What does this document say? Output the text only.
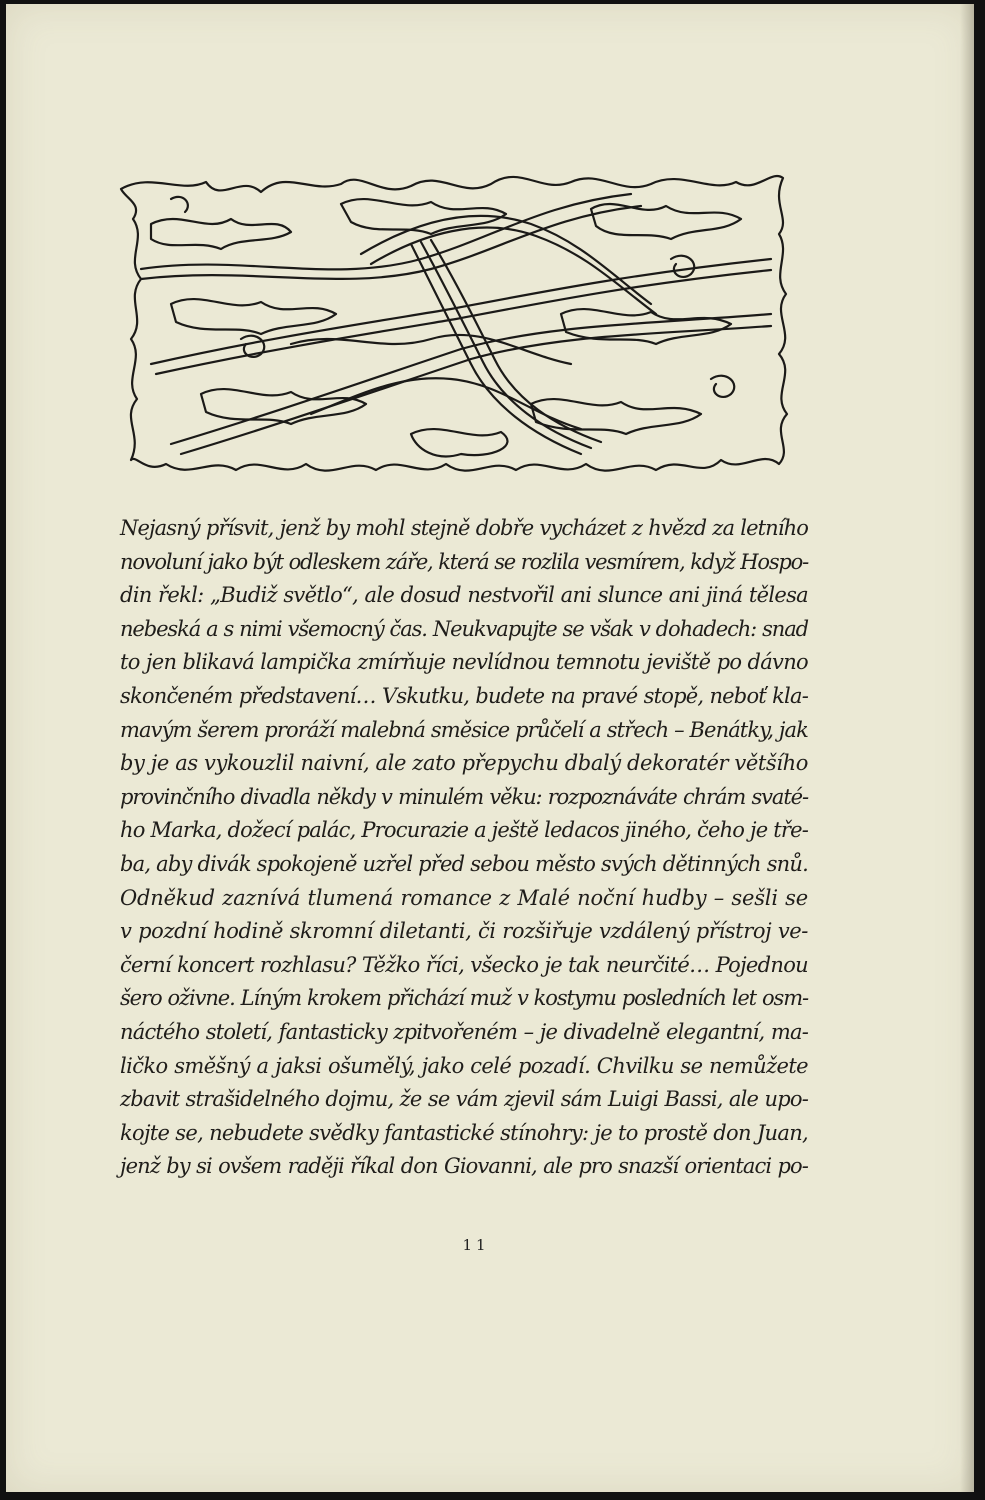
Nejasný přísvit, jenž by mohl stejně dobře vycházet z hvězd za letního
novoluní jako být odleskem záře, která se rozlila vesmírem, když Hospo-
din řekl: „Budiž světlo“, ale dosud nestvořil ani slunce ani jiná tělesa
nebeská a s nimi všemocný čas. Neukvapujte se však v dohadech: snad
to jen blikavá lampička zmírňuje nevlídnou temnotu jeviště po dávno
skončeném představení… Vskutku, budete na pravé stopě, neboť kla-
mavým šerem proráží malebná směsice průčelí a střech – Benátky, jak
by je as vykouzlil naivní, ale zato přepychu dbalý dekoratér většího
provinčního divadla někdy v minulém věku: rozpoznáváte chrám svaté-
ho Marka, dožecí palác, Procurazie a ještě ledacos jiného, čeho je tře-
ba, aby divák spokojeně uzřel před sebou město svých dětinných snů.
Odněkud zaznívá tlumená romance z Malé noční hudby – sešli se
v pozdní hodině skromní diletanti, či rozšiřuje vzdálený přístroj ve-
černí koncert rozhlasu? Těžko říci, všecko je tak neurčité… Pojednou
šero oživne. Líným krokem přichází muž v kostymu posledních let osm-
náctého století, fantasticky zpitvořeném – je divadelně elegantní, ma-
ličko směšný a jaksi ošumělý, jako celé pozadí. Chvilku se nemůžete
zbavit strašidelného dojmu, že se vám zjevil sám Luigi Bassi, ale upo-
kojte se, nebudete svědky fantastické stínohry: je to prostě don Juan,
jenž by si ovšem raději říkal don Giovanni, ale pro snazší orientaci po-
11
